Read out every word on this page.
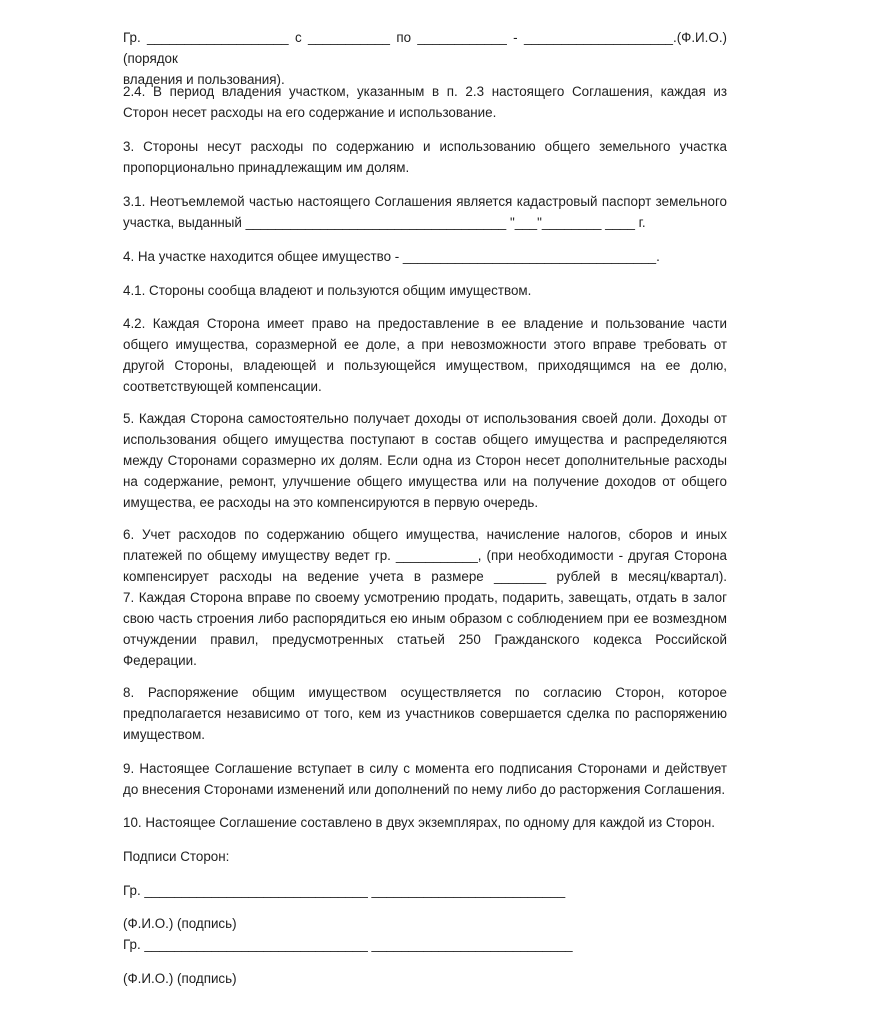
Гр. ___________________ с ___________ по ____________ - ____________________.(Ф.И.О.) (порядок
владения и пользования).

2.4. В период владения участком, указанным в п. 2.3 настоящего Соглашения, каждая из Сторон несет расходы на его содержание и использование.

3. Стороны несут расходы по содержанию и использованию общего земельного участка пропорционально принадлежащим им долям.

3.1. Неотъемлемой частью настоящего Соглашения является кадастровый паспорт земельного
участка, выданный ___________________________________ "___"________ ____ г.

4. На участке находится общее имущество - __________________________________.

4.1. Стороны сообща владеют и пользуются общим имуществом.

4.2. Каждая Сторона имеет право на предоставление в ее владение и пользование части общего имущества, соразмерной ее доле, а при невозможности этого вправе требовать от другой Стороны, владеющей и пользующейся имуществом, приходящимся на ее долю, соответствующей компенсации.

5. Каждая Сторона самостоятельно получает доходы от использования своей доли. Доходы от использования общего имущества поступают в состав общего имущества и распределяются между Сторонами соразмерно их долям. Если одна из Сторон несет дополнительные расходы на содержание, ремонт, улучшение общего имущества или на получение доходов от общего имущества, ее расходы на это компенсируются в первую очередь.

6. Учет расходов по содержанию общего имущества, начисление налогов, сборов и иных
платежей по общему имуществу ведет гр. ___________, (при необходимости - другая Сторона
компенсирует расходы на ведение учета в размере _______ рублей в месяц/квартал).

7. Каждая Сторона вправе по своему усмотрению продать, подарить, завещать, отдать в залог свою часть строения либо распорядиться ею иным образом с соблюдением при ее возмездном отчуждении правил, предусмотренных статьей 250 Гражданского кодекса Российской Федерации.

8. Распоряжение общим имуществом осуществляется по согласию Сторон, которое предполагается независимо от того, кем из участников совершается сделка по распоряжению имуществом.

9. Настоящее Соглашение вступает в силу с момента его подписания Сторонами и действует до внесения Сторонами изменений или дополнений по нему либо до расторжения Соглашения.

10. Настоящее Соглашение составлено в двух экземплярах, по одному для каждой из Сторон.

Подписи Сторон:

Гр. ______________________________ __________________________

(Ф.И.О.) (подпись)

Гр. ______________________________ ___________________________

(Ф.И.О.) (подпись)
